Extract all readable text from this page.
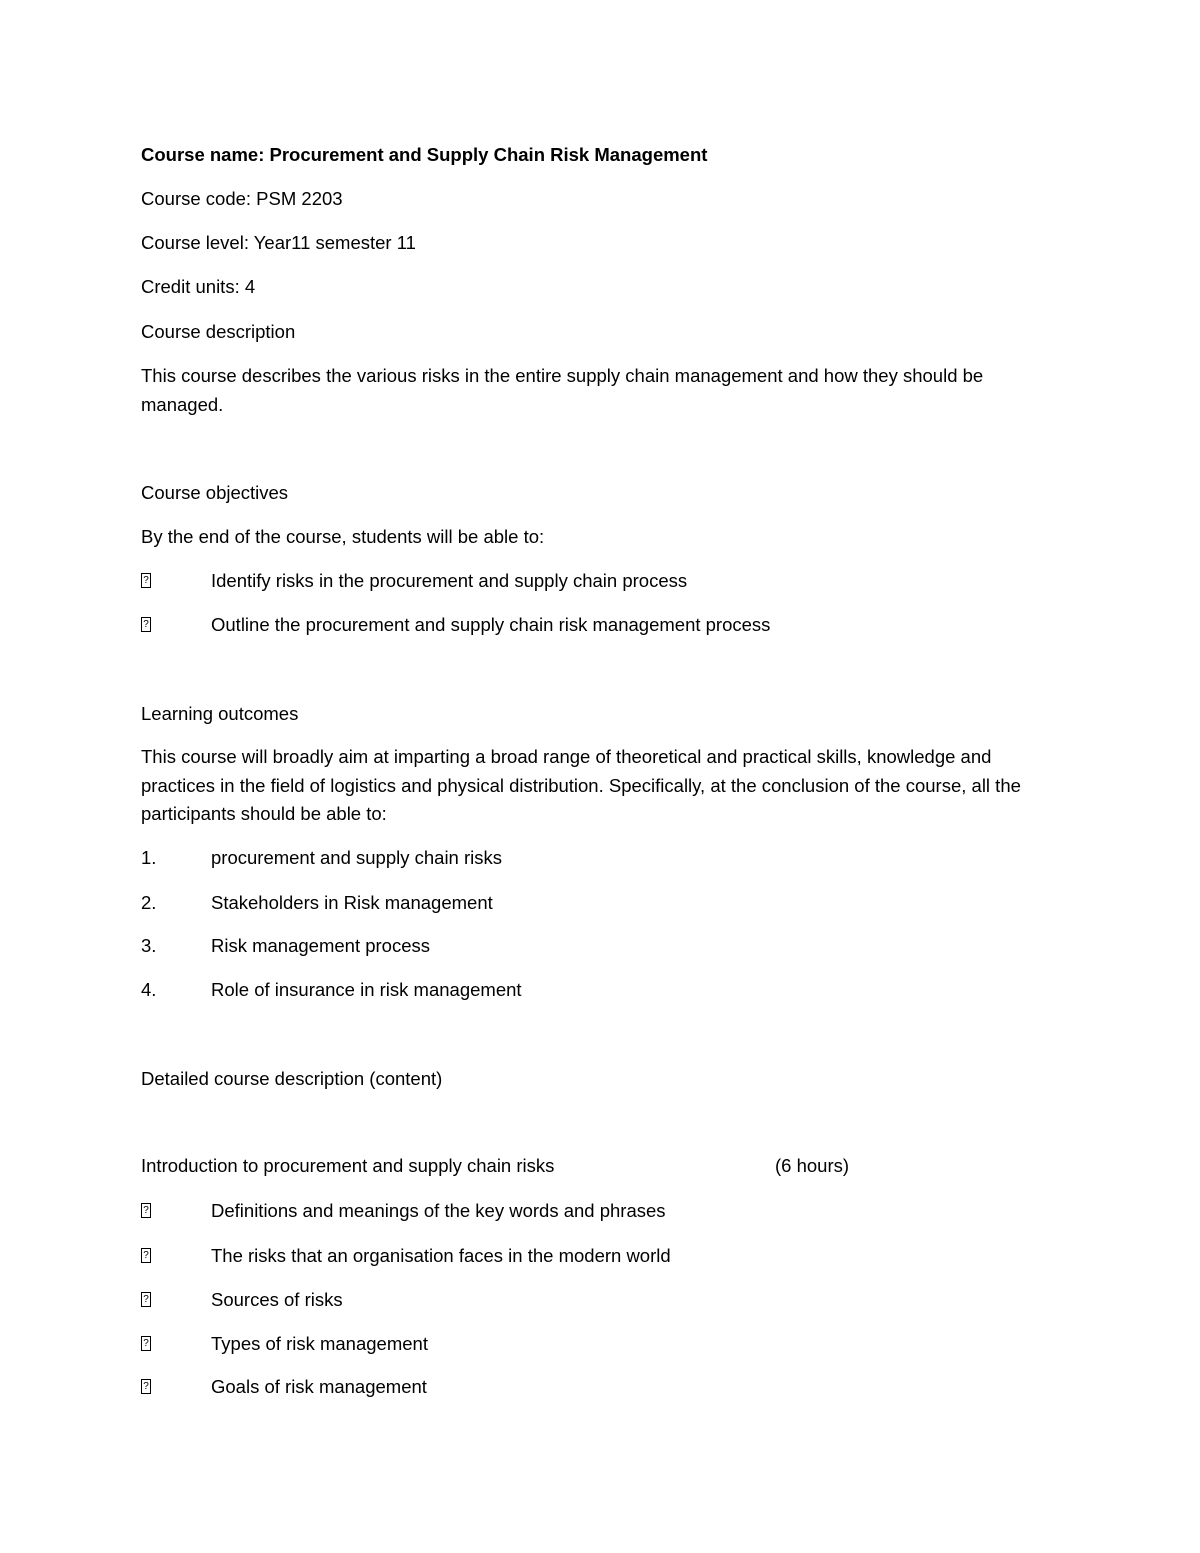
Course name: Procurement and Supply Chain Risk Management
Course code: PSM 2203
Course level: Year11 semester 11
Credit units: 4
Course description
This course describes the various risks in the entire supply chain management and how they should be managed.
Course objectives
By the end of the course, students will be able to:
?	Identify risks in the procurement and supply chain process
?	Outline the procurement and supply chain risk management process
Learning outcomes
This course will broadly aim at imparting a broad range of theoretical and practical skills, knowledge and practices in the field of logistics and physical distribution. Specifically, at the conclusion of the course, all the participants should be able to:
1.	procurement and supply chain risks
2.	Stakeholders in Risk management
3.	Risk management process
4.	Role of insurance in risk management
Detailed course description (content)
Introduction to procurement and supply chain risks	(6 hours)
?	Definitions and meanings of the key words and phrases
?	The risks that an organisation faces in the modern world
?	Sources of risks
?	Types of risk management
?	Goals of risk management
